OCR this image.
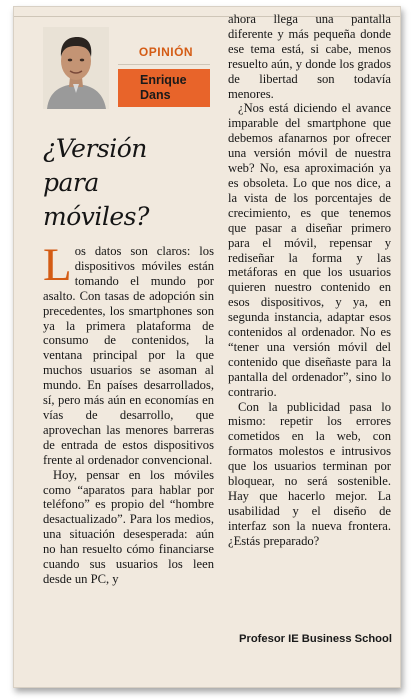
OPINIÓN
Enrique
Dans
¿Versión
para
móviles?

Los datos son claros: los dispositivos móviles están tomando el mundo por asalto. Con tasas de adopción sin precedentes, los smartphones son ya la primera plataforma de consumo de contenidos, la ventana principal por la que muchos usuarios se asoman al mundo. En países desarrollados, sí, pero más aún en economías en vías de desarrollo, que aprovechan las menores barreras de entrada de estos dispositivos frente al ordenador convencional.

Hoy, pensar en los móviles como “aparatos para hablar por teléfono” es propio del “hombre desactualizado”. Para los medios, una situación desesperada: aún no han resuelto cómo financiarse cuando sus usuarios los leen desde un PC, y

ahora llega una pantalla diferente y más pequeña donde ese tema está, si cabe, menos resuelto aún, y donde los grados de libertad son todavía menores.

¿Nos está diciendo el avance imparable del smartphone que debemos afanarnos por ofrecer una versión móvil de nuestra web? No, esa aproximación ya es obsoleta. Lo que nos dice, a la vista de los porcentajes de crecimiento, es que tenemos que pasar a diseñar primero para el móvil, repensar y rediseñar la forma y las metáforas en que los usuarios quieren nuestro contenido en esos dispositivos, y ya, en segunda instancia, adaptar esos contenidos al ordenador. No es “tener una versión móvil del contenido que diseñaste para la pantalla del ordenador”, sino lo contrario.

Con la publicidad pasa lo mismo: repetir los errores cometidos en la web, con formatos molestos e intrusivos que los usuarios terminan por bloquear, no será sostenible. Hay que hacerlo mejor. La usabilidad y el diseño de interfaz son la nueva frontera. ¿Estás preparado?

Profesor IE Business School
